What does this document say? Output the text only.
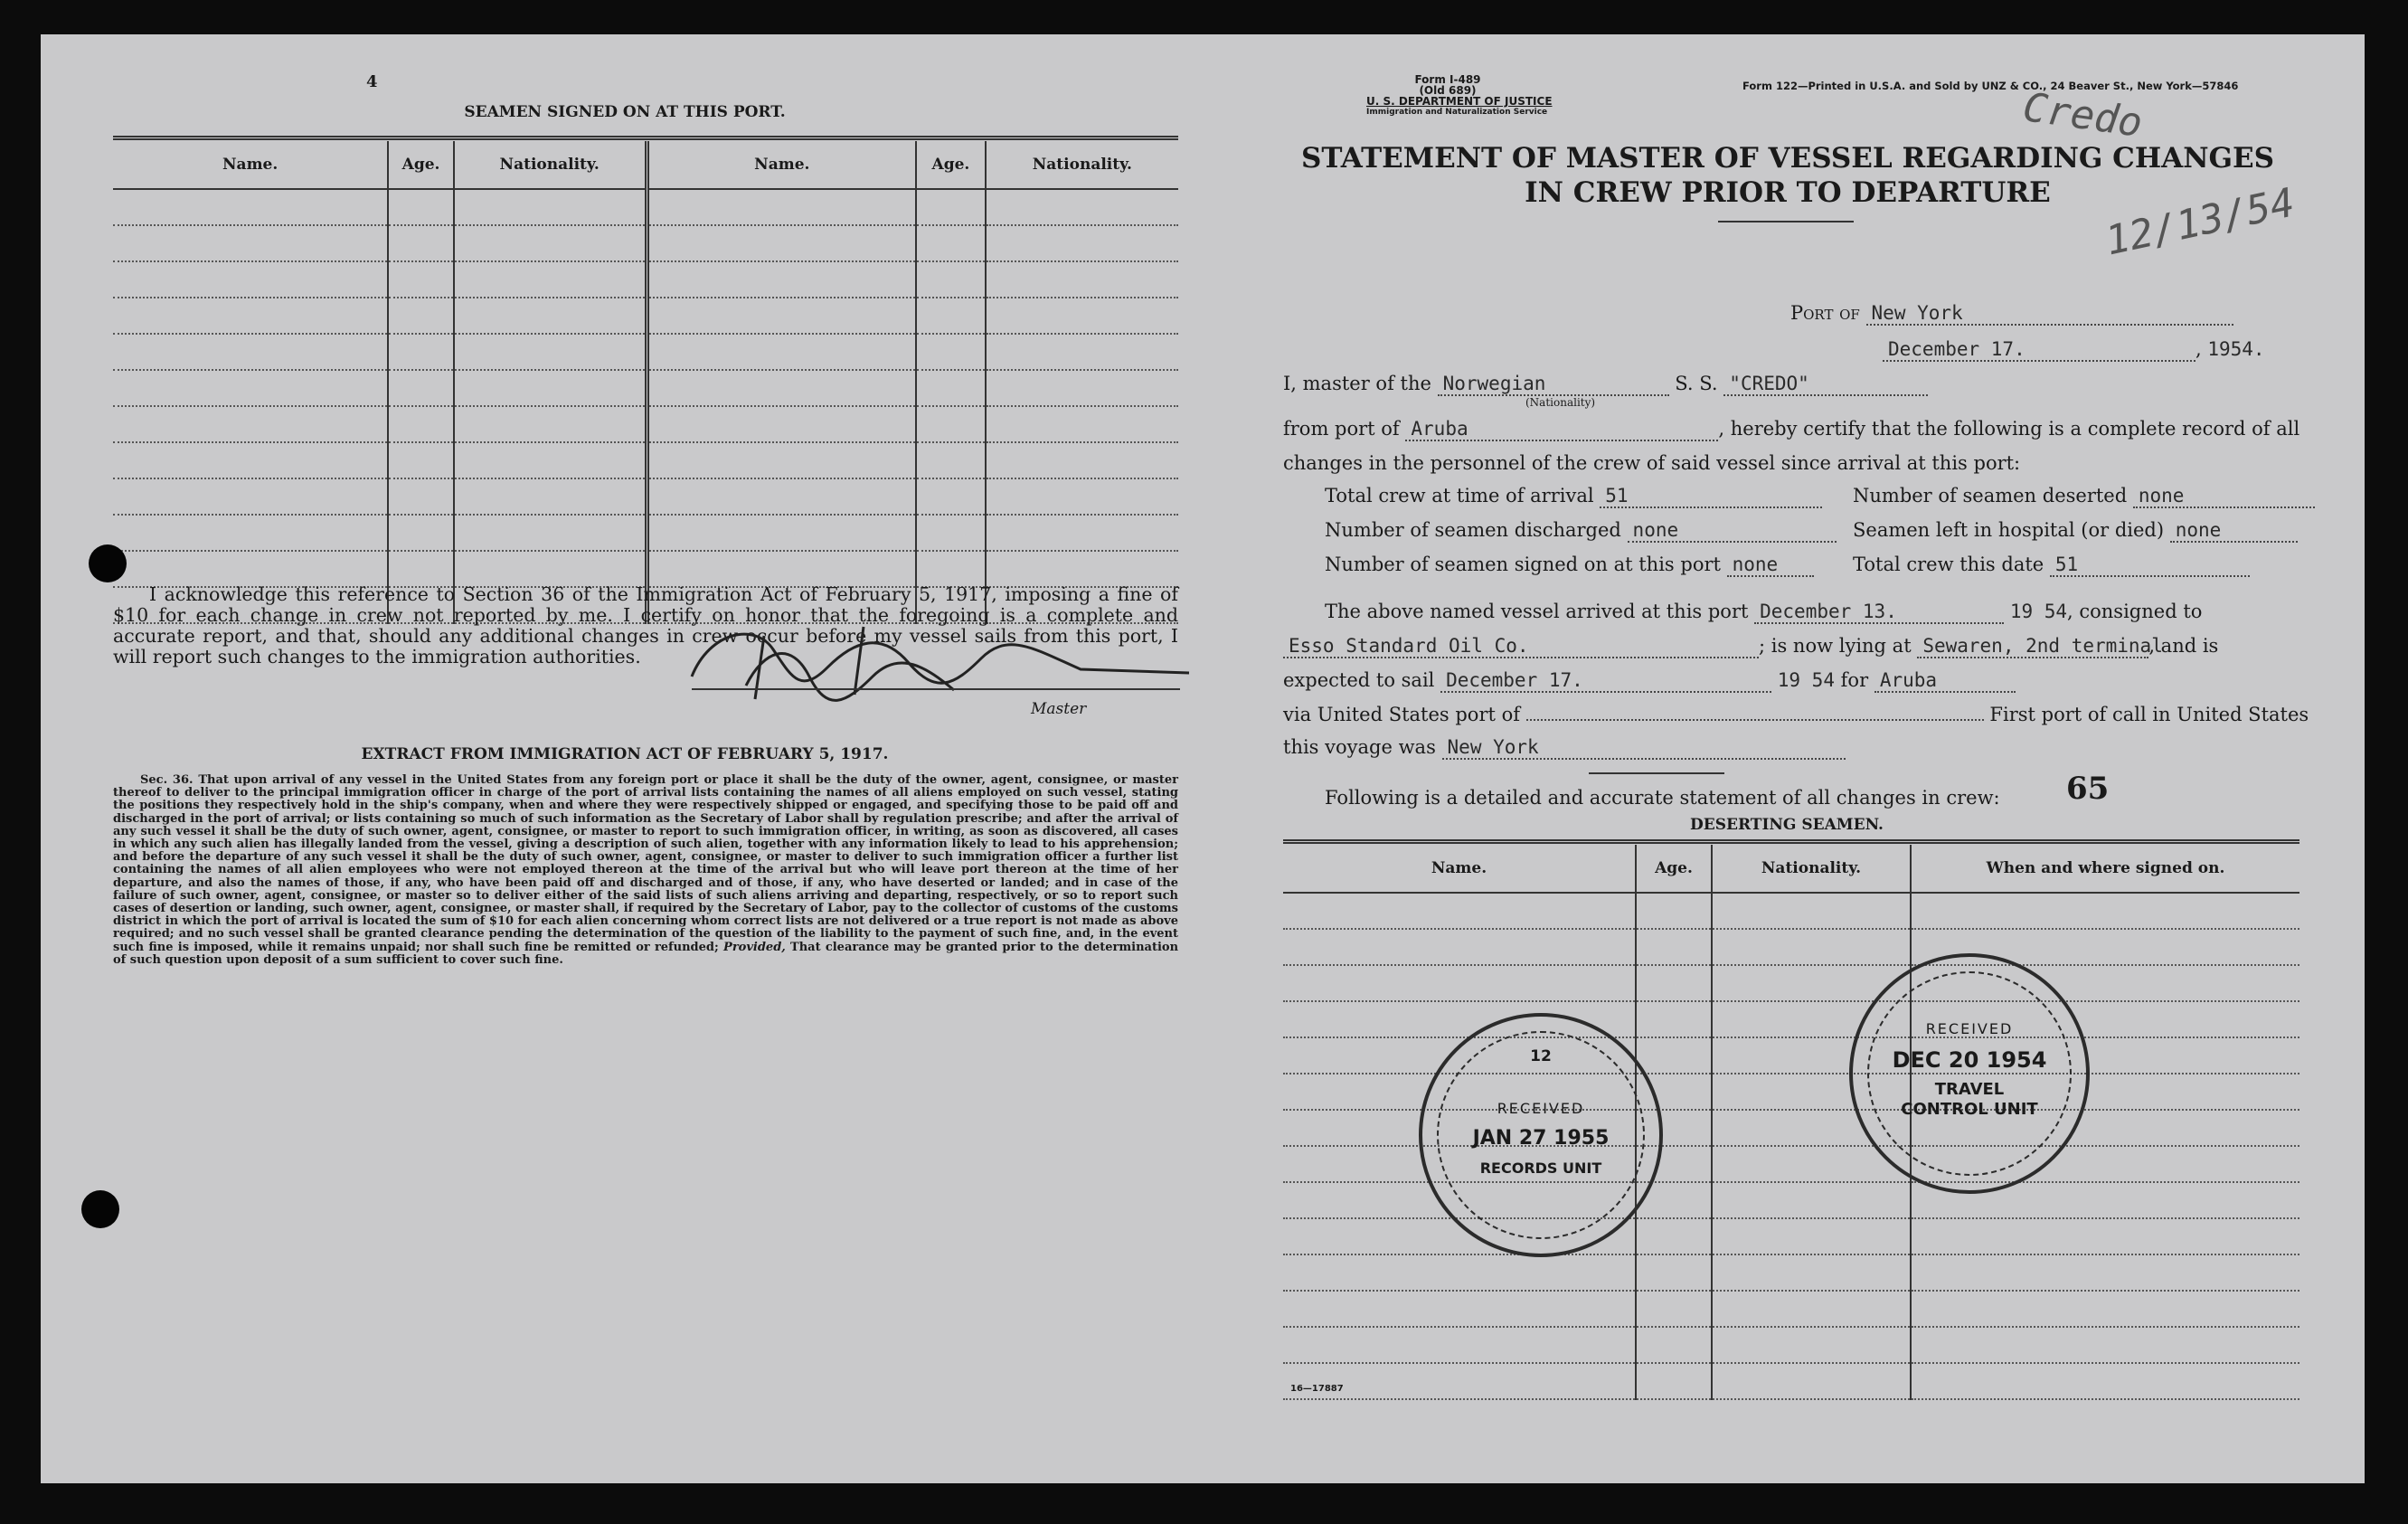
4
SEAMEN SIGNED ON AT THIS PORT.
Name.	Age.	Nationality.	Name.	Age.	Nationality.

I acknowledge this reference to Section 36 of the Immigration Act of February 5, 1917, imposing a fine of $10 for each change in crew not reported by me. I certify on honor that the foregoing is a complete and accurate report, and that, should any additional changes in crew occur before my vessel sails from this port, I will report such changes to the immigration authorities.
Master
EXTRACT FROM IMMIGRATION ACT OF FEBRUARY 5, 1917.
Sec. 36. That upon arrival of any vessel in the United States from any foreign port or place it shall be the duty of the owner, agent, consignee, or master thereof to deliver to the principal immigration officer in charge of the port of arrival lists containing the names of all aliens employed on such vessel, stating the positions they respectively hold in the ship's company, when and where they were respectively shipped or engaged, and specifying those to be paid off and discharged in the port of arrival; or lists containing so much of such information as the Secretary of Labor shall by regulation prescribe; and after the arrival of any such vessel it shall be the duty of such owner, agent, consignee, or master to report to such immigration officer, in writing, as soon as discovered, all cases in which any such alien has illegally landed from the vessel, giving a description of such alien, together with any information likely to lead to his apprehension; and before the departure of any such vessel it shall be the duty of such owner, agent, consignee, or master to deliver to such immigration officer a further list containing the names of all alien employees who were not employed thereon at the time of the arrival but who will leave port thereon at the time of her departure, and also the names of those, if any, who have been paid off and discharged and of those, if any, who have deserted or landed; and in case of the failure of such owner, agent, consignee, or master so to deliver either of the said lists of such aliens arriving and departing, respectively, or so to report such cases of desertion or landing, such owner, agent, consignee, or master shall, if required by the Secretary of Labor, pay to the collector of customs of the customs district in which the port of arrival is located the sum of $10 for each alien concerning whom correct lists are not delivered or a true report is not made as above required; and no such vessel shall be granted clearance pending the determination of the question of the liability to the payment of such fine, and, in the event such fine is imposed, while it remains unpaid; nor shall such fine be remitted or refunded; Provided, That clearance may be granted prior to the determination of such question upon deposit of a sum sufficient to cover such fine.
Form I-489
(Old 689)
U. S. DEPARTMENT OF JUSTICE
Immigration and Naturalization Service
Form 122—Printed in U.S.A. and Sold by UNZ & CO., 24 Beaver St., New York—57846
Credo
12/13/54
STATEMENT OF MASTER OF VESSEL REGARDING CHANGES
IN CREW PRIOR TO DEPARTURE
Port of New York
December 17.	, 1954.
I, master of the Norwegian	S. S. "CREDO"
(Nationality)
from port of Aruba	, hereby certify that the following is a complete record of all
changes in the personnel of the crew of said vessel since arrival at this port:
Total crew at time of arrival 51	Number of seamen deserted none
Number of seamen discharged none	Seamen left in hospital (or died) none
Number of seamen signed on at this port none	Total crew this date 51
The above named vessel arrived at this port December 13.	19 54, consigned to
Esso Standard Oil Co.	; is now lying at Sewaren, 2nd terminal, and is
expected to sail December 17.	19 54 for Aruba
via United States port of	First port of call in United States
this voyage was New York
Following is a detailed and accurate statement of all changes in crew: 65
DESERTING SEAMEN.
Name.	Age.	Nationality.	When and where signed on.

16—17887
12
RECEIVED
JAN 27 1955
RECORDS UNIT
RECEIVED
DEC 20 1954
TRAVEL CONTROL UNIT
